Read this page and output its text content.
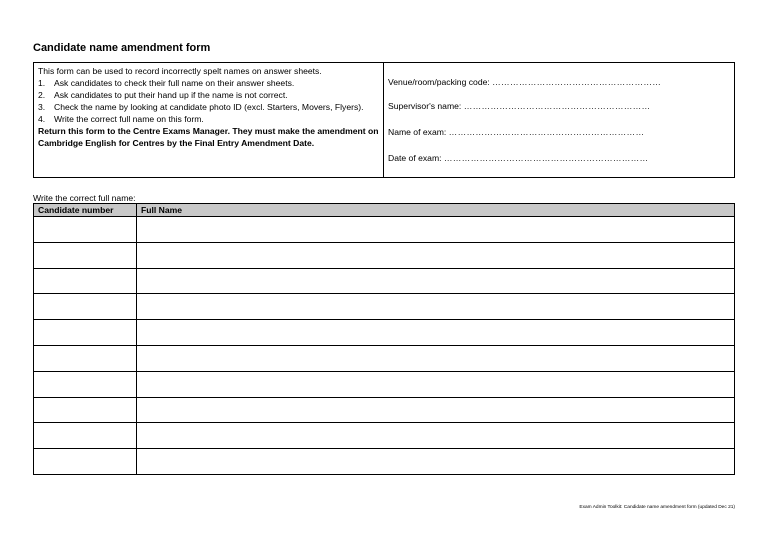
Candidate name amendment form
This form can be used to record incorrectly spelt names on answer sheets.
1.	Ask candidates to check their full name on their answer sheets.
2.	Ask candidates to put their hand up if the name is not correct.
3.	Check the name by looking at candidate photo ID (excl. Starters, Movers, Flyers).
4.	Write the correct full name on this form.
Return this form to the Centre Exams Manager. They must make the amendment on Cambridge English for Centres by the Final Entry Amendment Date.
Venue/room/packing code: …………………………………………………
Supervisor's name: ………………………………………………………
Name of exam: …………………………………………………………
Date of exam: ……………………………………………………………
Write the correct full name:
Candidate number	Full Name

Exam Admin Toolkit: Candidate name amendment form (updated Dec 21)
